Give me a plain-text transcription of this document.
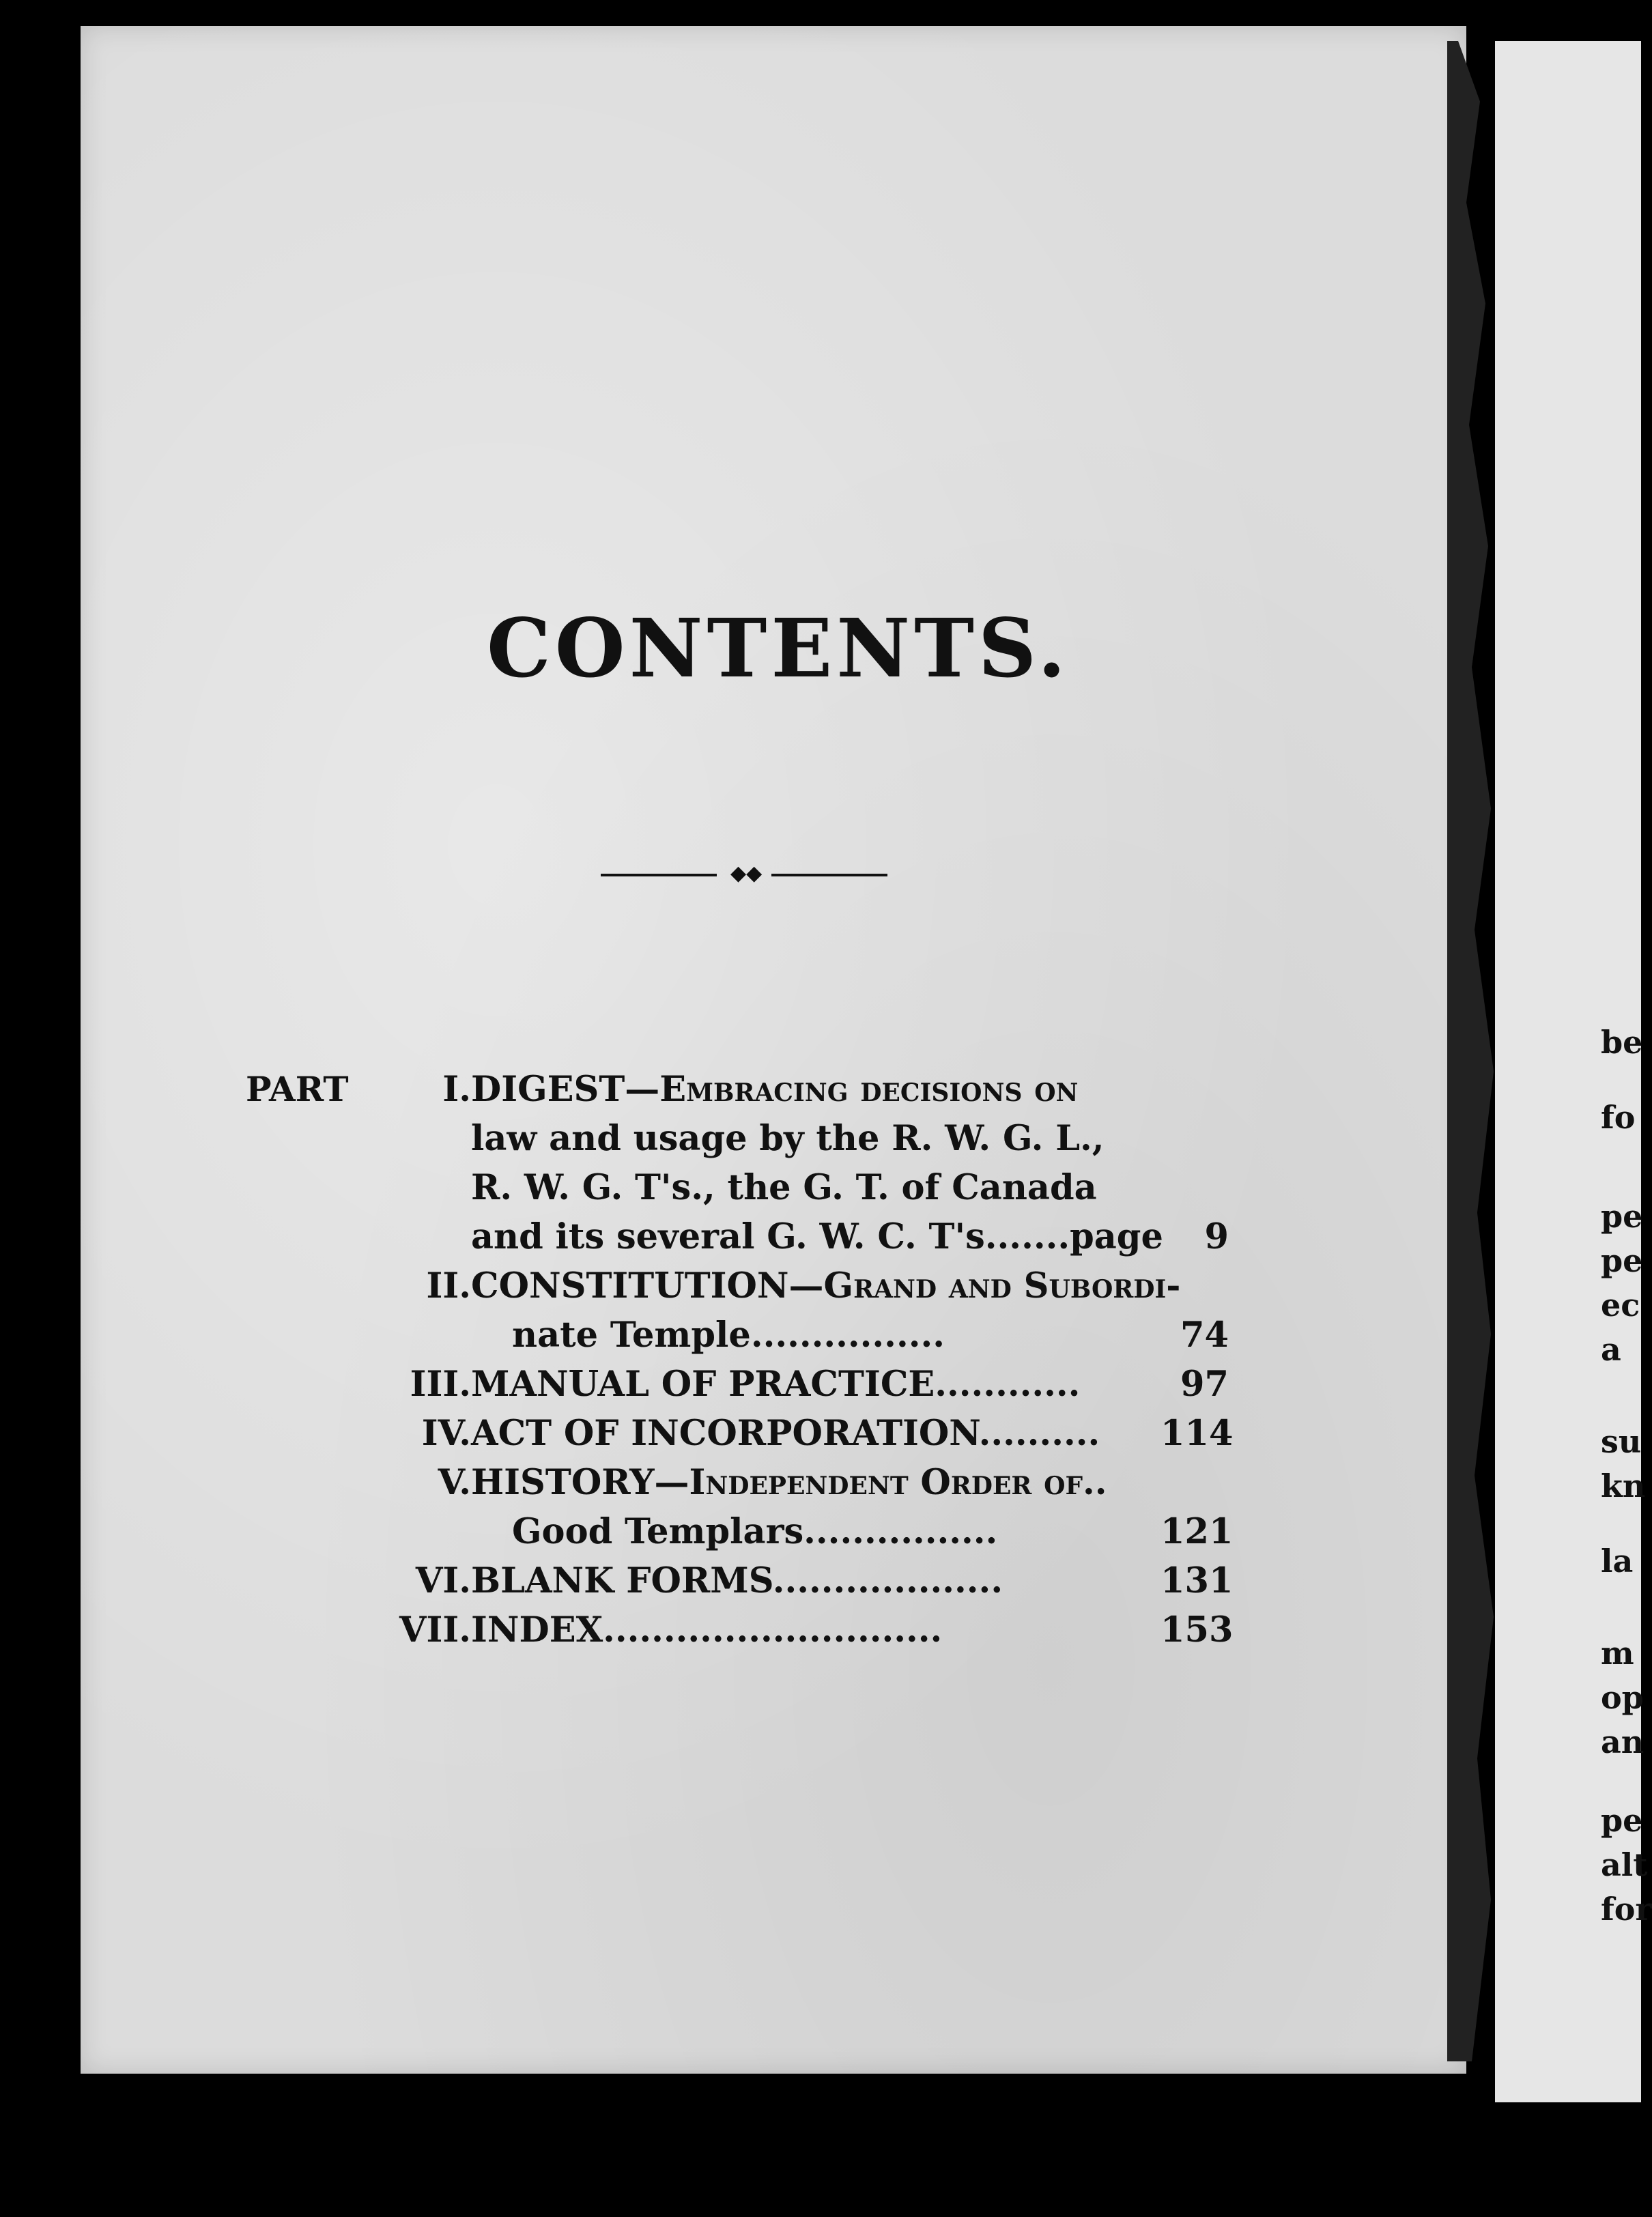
be
fo
pe
pe
ec
a
su
kn
la
m
op
an
pe
alt
for
CONTENTS.
◆◆
PART	I. DIGEST—Embracing decisions on
law and usage by the R. W. G. L.,
R. W. G. T's., the G. T. of Canada
and its several G. W. C. T's.......page	9
II. CONSTITUTION—Grand and Subordi-
nate Temple................	74
III. MANUAL OF PRACTICE............	97
IV. ACT OF INCORPORATION.......... 114
V. HISTORY—Independent Order of..
Good Templars................	121
VI. BLANK FORMS...................	131
VII. INDEX............................	153
